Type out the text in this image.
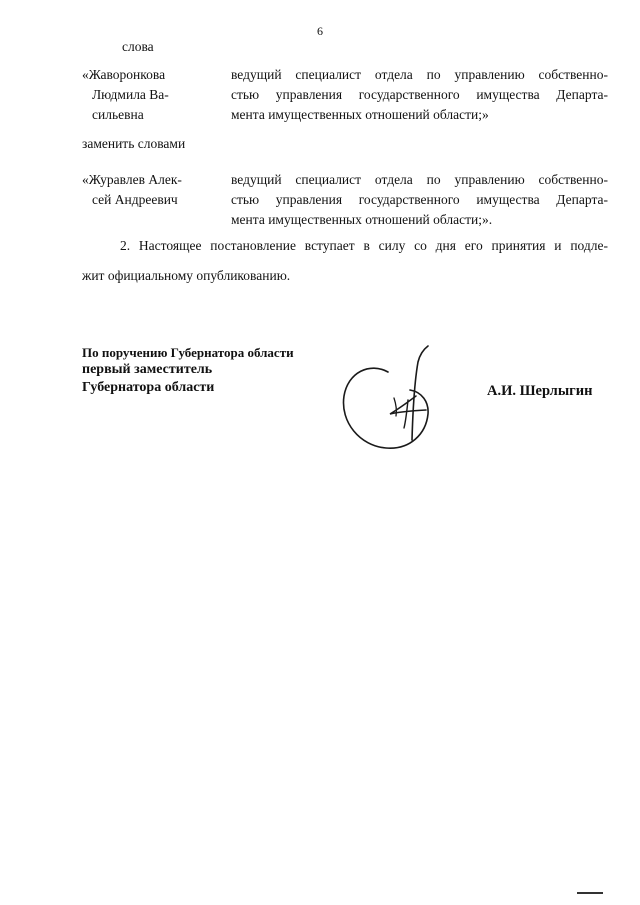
6
слова
«Жаворонкова
Людмила Ва-
сильевна
ведущий специалист отдела по управлению собственно-
стью управления государственного имущества Департа-
мента имущественных отношений области;»
заменить словами
«Журавлев Алек-
сей Андреевич
ведущий специалист отдела по управлению собственно-
стью управления государственного имущества Департа-
мента имущественных отношений области;».
2. Настоящее постановление вступает в силу со дня его принятия и подле-
жит официальному опубликованию.
По поручению Губернатора области
первый заместитель
Губернатора области	А.И. Шерлыгин
